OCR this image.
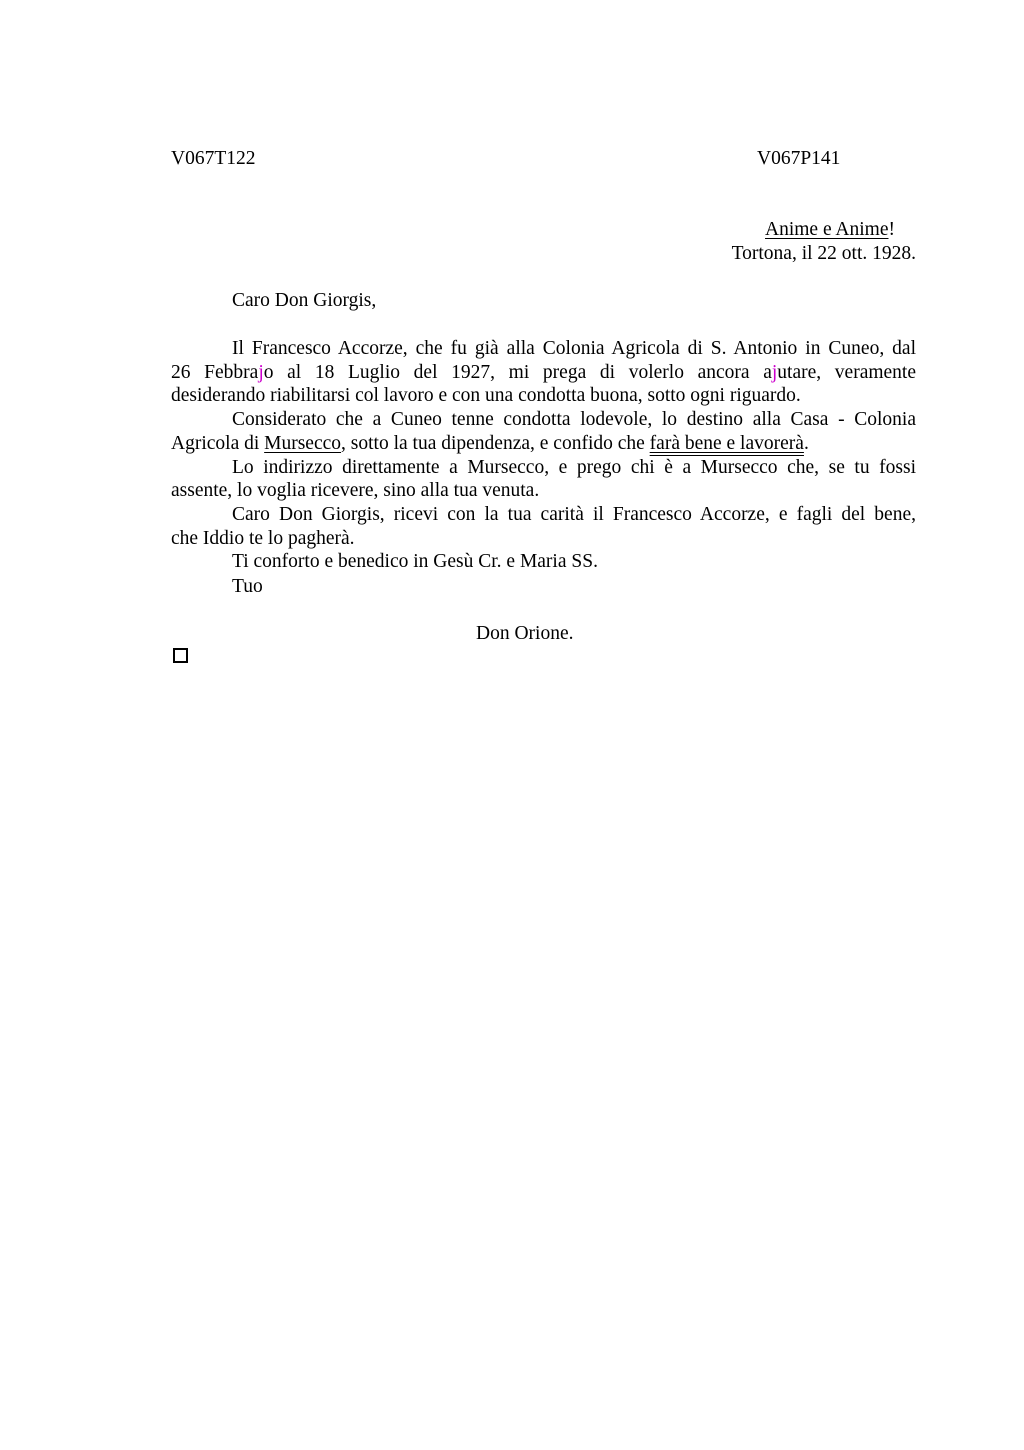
V067T122	V067P141
Anime e Anime!
Tortona, il 22 ott. 1928.
Caro Don Giorgis,
Il Francesco Accorze, che fu già alla Colonia Agricola di S. Antonio in Cuneo, dal
26 Febbrajo al 18 Luglio del 1927, mi prega di volerlo ancora ajutare, veramente
desiderando riabilitarsi col lavoro e con una condotta buona, sotto ogni riguardo.
Considerato che a Cuneo tenne condotta lodevole, lo destino alla Casa - Colonia
Agricola di Mursecco, sotto la tua dipendenza, e confido che farà bene e lavorerà.
Lo indirizzo direttamente a Mursecco, e prego chi è a Mursecco che, se tu fossi
assente, lo voglia ricevere, sino alla tua venuta.
Caro Don Giorgis, ricevi con la tua carità il Francesco Accorze, e fagli del bene,
che Iddio te lo pagherà.
Ti conforto e benedico in Gesù Cr. e Maria SS.
Tuo
Don Orione.
